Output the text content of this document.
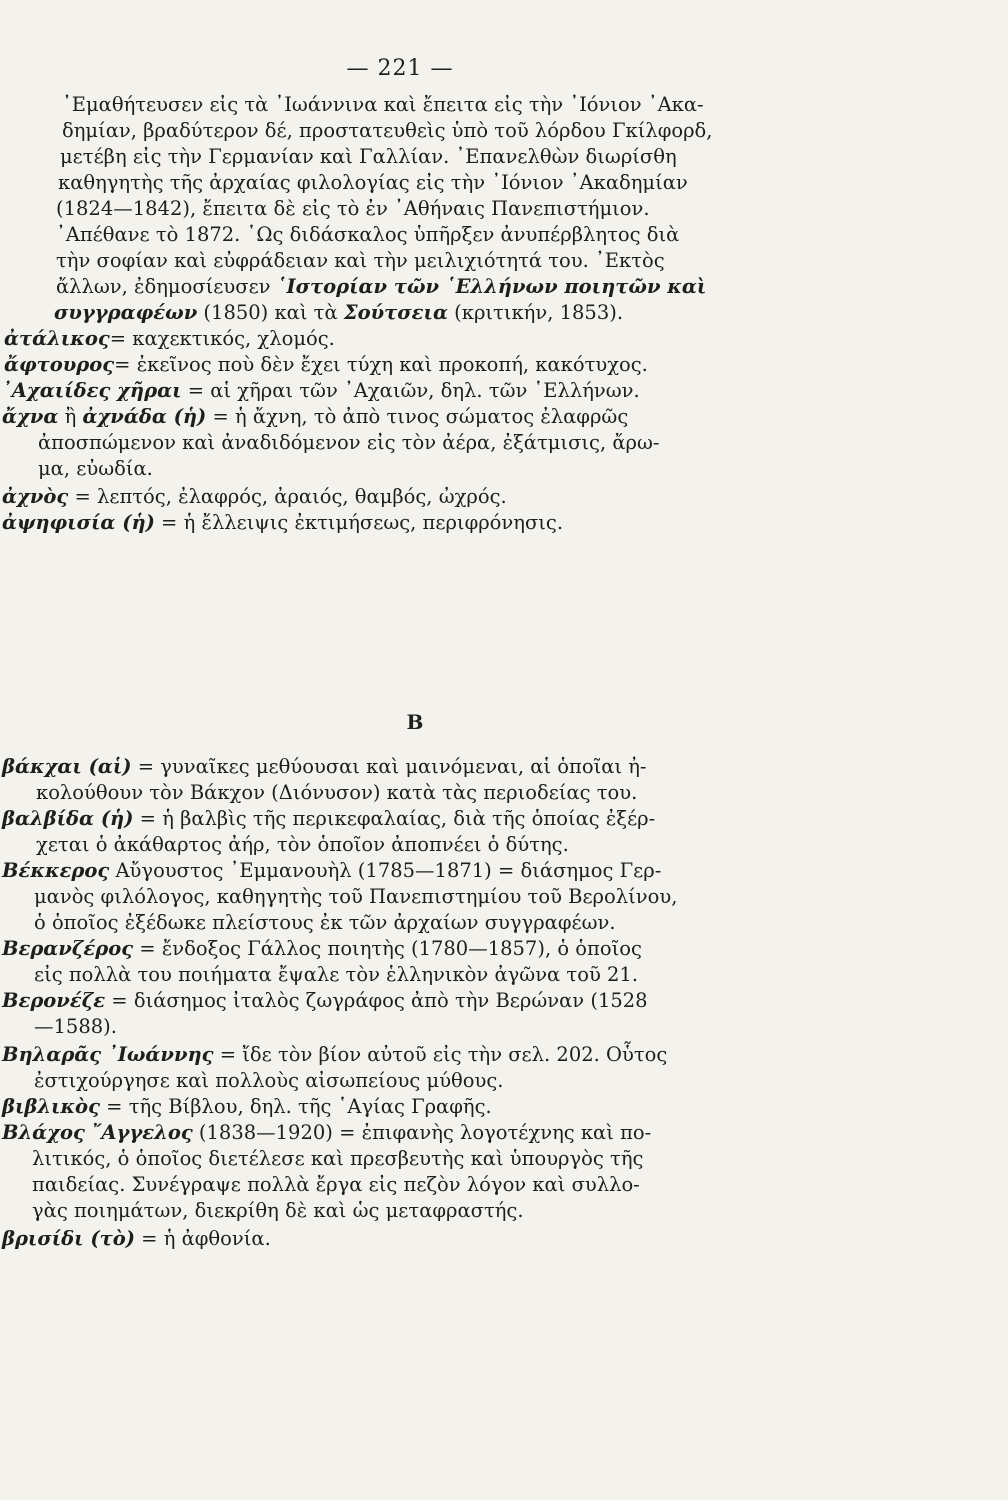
— 221 —
᾿Εμαθήτευσεν εἰς τὰ ᾿Ιωάννινα καὶ ἔπειτα εἰς τὴν ᾿Ιόνιον ᾿Ακα-
δημίαν, βραδύτερον δέ, προστατευθεὶς ὑπὸ τοῦ λόρδου Γκίλφορδ,
μετέβη εἰς τὴν Γερμανίαν καὶ Γαλλίαν. ᾿Επανελθὼν διωρίσθη
καθηγητὴς τῆς ἀρχαίας φιλολογίας εἰς τὴν ᾿Ιόνιον ᾿Ακαδημίαν
(1824—1842), ἔπειτα δὲ εἰς τὸ ἐν ᾿Αθήναις Πανεπιστήμιον.
᾿Απέθανε τὸ 1872. ῾Ως διδάσκαλος ὑπῆρξεν ἀνυπέρβλητος διὰ
τὴν σοφίαν καὶ εὐφράδειαν καὶ τὴν μειλιχιότητά του. ᾿Εκτὸς
ἄλλων, ἐδημοσίευσεν ῾Ιστορίαν τῶν ῾Ελλήνων ποιητῶν καὶ
συγγραφέων (1850) καὶ τὰ Σούτσεια (κριτικήν, 1853).
ἀτάλικος= καχεκτικός, χλομός.
ἄφτουρος= ἐκεῖνος ποὺ δὲν ἔχει τύχη καὶ προκοπή, κακότυχος.
᾿Αχαιίδες χῆραι = αἱ χῆραι τῶν ᾿Αχαιῶν, δηλ. τῶν ῾Ελλήνων.
ἄχνα ἢ ἀχνάδα (ἡ) = ἡ ἄχνη, τὸ ἀπὸ τινος σώματος ἐλαφρῶς
ἀποσπώμενον καὶ ἀναδιδόμενον εἰς τὸν ἀέρα, ἐξάτμισις, ἄρω-
μα, εὐωδία.
ἀχνὸς = λεπτός, ἐλαφρός, ἀραιός, θαμβός, ὠχρός.
ἀψηφισία (ἡ) = ἡ ἔλλειψις ἐκτιμήσεως, περιφρόνησις.
Β
βάκχαι (αἱ) = γυναῖκες μεθύουσαι καὶ μαινόμεναι, αἱ ὁποῖαι ἠ-
κολούθουν τὸν Βάκχον (Διόνυσον) κατὰ τὰς περιοδείας του.
βαλβίδα (ἡ) = ἡ βαλβὶς τῆς περικεφαλαίας, διὰ τῆς ὁποίας ἐξέρ-
χεται ὁ ἀκάθαρτος ἀήρ, τὸν ὁποῖον ἀποπνέει ὁ δύτης.
Βέκκερος Αὔγουστος ᾿Εμμανουὴλ (1785—1871) = διάσημος Γερ-
μανὸς φιλόλογος, καθηγητὴς τοῦ Πανεπιστημίου τοῦ Βερολίνου,
ὁ ὁποῖος ἐξέδωκε πλείστους ἐκ τῶν ἀρχαίων συγγραφέων.
Βερανζέρος = ἔνδοξος Γάλλος ποιητὴς (1780—1857), ὁ ὁποῖος
εἰς πολλὰ του ποιήματα ἔψαλε τὸν ἑλληνικὸν ἀγῶνα τοῦ 21.
Βερονέζε = διάσημος ἰταλὸς ζωγράφος ἀπὸ τὴν Βερώναν (1528
—1588).
Βηλαρᾶς ᾿Ιωάννης = ἴδε τὸν βίον αὐτοῦ εἰς τὴν σελ. 202. Οὗτος
ἐστιχούργησε καὶ πολλοὺς αἰσωπείους μύθους.
βιβλικὸς = τῆς Βίβλου, δηλ. τῆς ῾Αγίας Γραφῆς.
Βλάχος ῎Αγγελος (1838—1920) = ἐπιφανὴς λογοτέχνης καὶ πο-
λιτικός, ὁ ὁποῖος διετέλεσε καὶ πρεσβευτὴς καὶ ὑπουργὸς τῆς
παιδείας. Συνέγραψε πολλὰ ἔργα εἰς πεζὸν λόγον καὶ συλλο-
γὰς ποιημάτων, διεκρίθη δὲ καὶ ὡς μεταφραστής.
βρισίδι (τὸ) = ἡ ἀφθονία.
